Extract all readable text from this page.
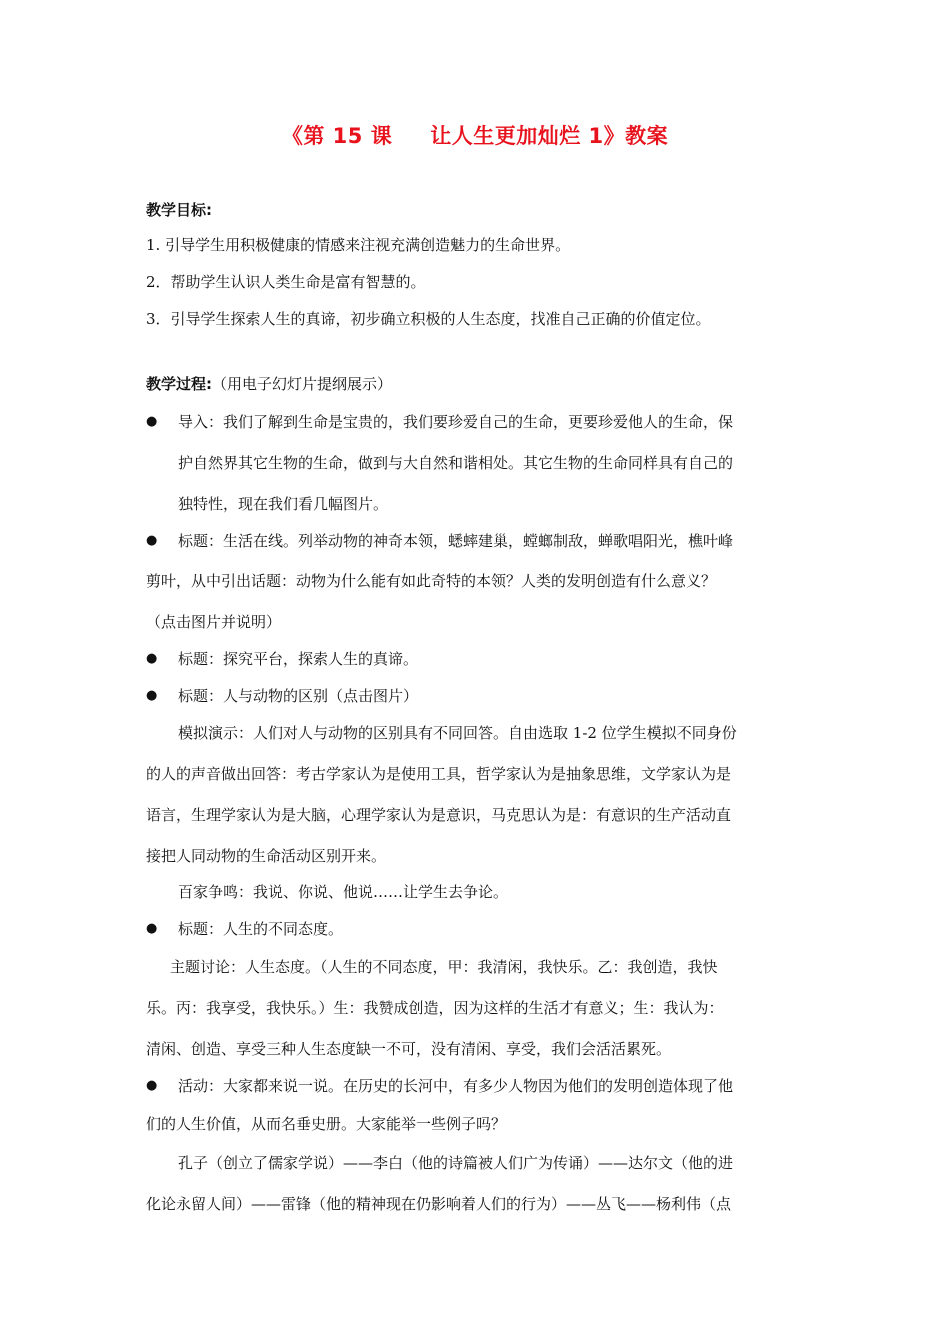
《第 15 课 让人生更加灿烂 1》教案
教学目标:
1. 引导学生用积极健康的情感来注视充满创造魅力的生命世界。
2．帮助学生认识人类生命是富有智慧的。
3．引导学生探索人生的真谛，初步确立积极的人生态度，找准自己正确的价值定位。
教学过程:（用电子幻灯片提纲展示）
● 导入：我们了解到生命是宝贵的，我们要珍爱自己的生命，更要珍爱他人的生命，保
护自然界其它生物的生命，做到与大自然和谐相处。其它生物的生命同样具有自己的
独特性，现在我们看几幅图片。
● 标题：生活在线。列举动物的神奇本领，蟋蟀建巢，螳螂制敌，蝉歌唱阳光，樵叶峰
剪叶，从中引出话题：动物为什么能有如此奇特的本领？人类的发明创造有什么意义？
（点击图片并说明）
● 标题：探究平台，探索人生的真谛。
● 标题：人与动物的区别（点击图片）
模拟演示：人们对人与动物的区别具有不同回答。自由选取 1-2 位学生模拟不同身份
的人的声音做出回答：考古学家认为是使用工具，哲学家认为是抽象思维，文学家认为是
语言，生理学家认为是大脑，心理学家认为是意识，马克思认为是：有意识的生产活动直
接把人同动物的生命活动区别开来。
百家争鸣：我说、你说、他说……让学生去争论。
● 标题：人生的不同态度。
主题讨论：人生态度。（人生的不同态度，甲：我清闲，我快乐。乙：我创造，我快
乐。丙：我享受，我快乐。）生：我赞成创造，因为这样的生活才有意义；生：我认为：
清闲、创造、享受三种人生态度缺一不可，没有清闲、享受，我们会活活累死。
● 活动：大家都来说一说。在历史的长河中，有多少人物因为他们的发明创造体现了他
们的人生价值，从而名垂史册。大家能举一些例子吗？
孔子（创立了儒家学说）——李白（他的诗篇被人们广为传诵）——达尔文（他的进
化论永留人间）——雷锋（他的精神现在仍影响着人们的行为）——丛飞——杨利伟（点
